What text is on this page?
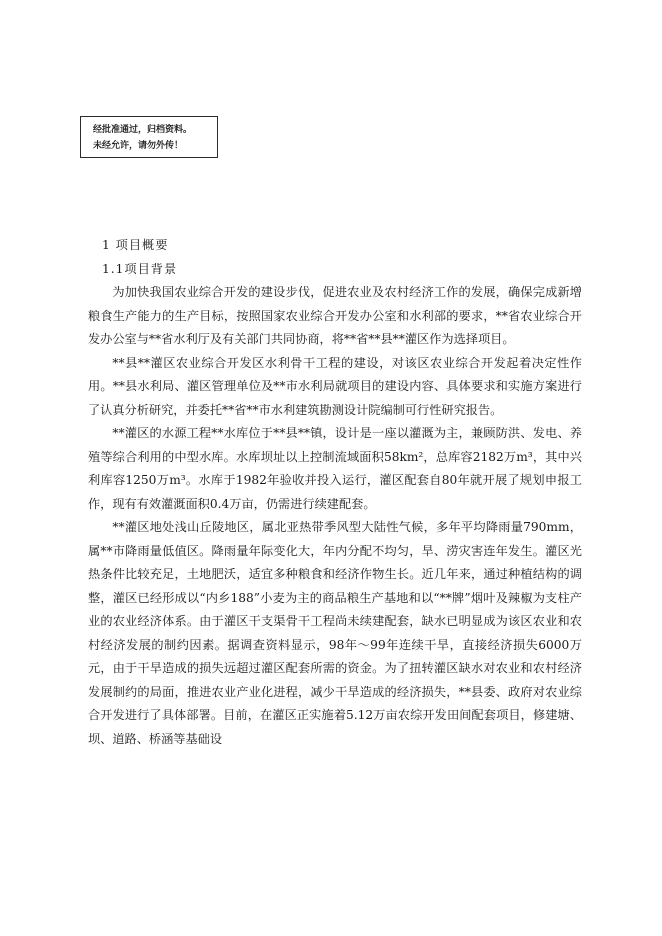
经批准通过，归档资料。
未经允许，请勿外传！

1 项目概要

1.1项目背景

为加快我国农业综合开发的建设步伐，促进农业及农村经济工作的发展，确保完成新增粮食生产能力的生产目标，按照国家农业综合开发办公室和水利部的要求，**省农业综合开发办公室与**省水利厅及有关部门共同协商，将**省**县**灌区作为选择项目。

**县**灌区农业综合开发区水利骨干工程的建设，对该区农业综合开发起着决定性作用。**县水利局、灌区管理单位及**市水利局就项目的建设内容、具体要求和实施方案进行了认真分析研究，并委托**省**市水利建筑勘测设计院编制可行性研究报告。

**灌区的水源工程**水库位于**县**镇，设计是一座以灌溉为主，兼顾防洪、发电、养殖等综合利用的中型水库。水库坝址以上控制流域面积58km²，总库容2182万m³，其中兴利库容1250万m³。水库于1982年验收并投入运行，灌区配套自80年就开展了规划申报工作，现有有效灌溉面积0.4万亩，仍需进行续建配套。

**灌区地处浅山丘陵地区，属北亚热带季风型大陆性气候，多年平均降雨量790mm，属**市降雨量低值区。降雨量年际变化大，年内分配不均匀，旱、涝灾害连年发生。灌区光热条件比较充足，土地肥沃，适宜多种粮食和经济作物生长。近几年来，通过种植结构的调整，灌区已经形成以“内乡188”小麦为主的商品粮生产基地和以“**牌”烟叶及辣椒为支柱产业的农业经济体系。由于灌区干支渠骨干工程尚未续建配套，缺水已明显成为该区农业和农村经济发展的制约因素。据调查资料显示，98年～99年连续干旱，直接经济损失6000万元，由于干旱造成的损失远超过灌区配套所需的资金。为了扭转灌区缺水对农业和农村经济发展制约的局面，推进农业产业化进程，减少干旱造成的经济损失，**县委、政府对农业综合开发进行了具体部署。目前，在灌区正实施着5.12万亩农综开发田间配套项目，修建塘、坝、道路、桥涵等基础设
